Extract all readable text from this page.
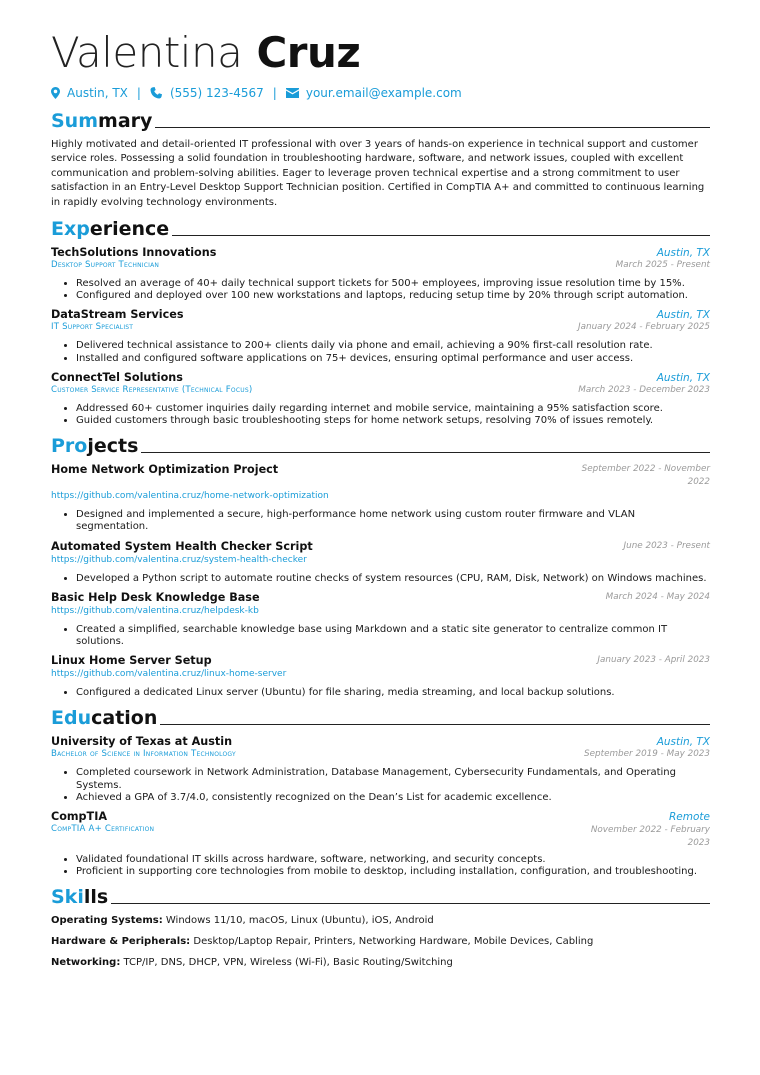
Valentina Cruz
Austin, TX | (555) 123-4567 | your.email@example.com
Summary

Highly motivated and detail-oriented IT professional with over 3 years of hands-on experience in technical support and customer service roles. Possessing a solid foundation in troubleshooting hardware, software, and network issues, coupled with excellent communication and problem-solving abilities. Eager to leverage proven technical expertise and a strong commitment to user satisfaction in an Entry-Level Desktop Support Technician position. Certified in CompTIA A+ and committed to continuous learning in rapidly evolving technology environments.

Experience
TechSolutions Innovations	Austin, TX
Desktop Support Technician	March 2025 - Present
• Resolved an average of 40+ daily technical support tickets for 500+ employees, improving issue resolution time by 15%.
• Configured and deployed over 100 new workstations and laptops, reducing setup time by 20% through script automation.
DataStream Services	Austin, TX
IT Support Specialist	January 2024 - February 2025
• Delivered technical assistance to 200+ clients daily via phone and email, achieving a 90% first-call resolution rate.
• Installed and configured software applications on 75+ devices, ensuring optimal performance and user access.
ConnectTel Solutions	Austin, TX
Customer Service Representative (Technical Focus)	March 2023 - December 2023
• Addressed 60+ customer inquiries daily regarding internet and mobile service, maintaining a 95% satisfaction score.
• Guided customers through basic troubleshooting steps for home network setups, resolving 70% of issues remotely.
Projects
Home Network Optimization Project	September 2022 - November
2022
https://github.com/valentina.cruz/home-network-optimization
• Designed and implemented a secure, high-performance home network using custom router firmware and VLAN segmentation.
Automated System Health Checker Script	June 2023 - Present
https://github.com/valentina.cruz/system-health-checker
• Developed a Python script to automate routine checks of system resources (CPU, RAM, Disk, Network) on Windows machines.
Basic Help Desk Knowledge Base	March 2024 - May 2024
https://github.com/valentina.cruz/helpdesk-kb
• Created a simplified, searchable knowledge base using Markdown and a static site generator to centralize common IT solutions.
Linux Home Server Setup	January 2023 - April 2023
https://github.com/valentina.cruz/linux-home-server
• Configured a dedicated Linux server (Ubuntu) for file sharing, media streaming, and local backup solutions.
Education
University of Texas at Austin	Austin, TX
Bachelor of Science in Information Technology	September 2019 - May 2023
• Completed coursework in Network Administration, Database Management, Cybersecurity Fundamentals, and Operating Systems.
• Achieved a GPA of 3.7/4.0, consistently recognized on the Dean’s List for academic excellence.
CompTIA	Remote
CompTIA A+ Certification	November 2022 - February
2023
• Validated foundational IT skills across hardware, software, networking, and security concepts.
• Proficient in supporting core technologies from mobile to desktop, including installation, configuration, and troubleshooting.
Skills
Operating Systems: Windows 11/10, macOS, Linux (Ubuntu), iOS, Android
Hardware & Peripherals: Desktop/Laptop Repair, Printers, Networking Hardware, Mobile Devices, Cabling
Networking: TCP/IP, DNS, DHCP, VPN, Wireless (Wi-Fi), Basic Routing/Switching
